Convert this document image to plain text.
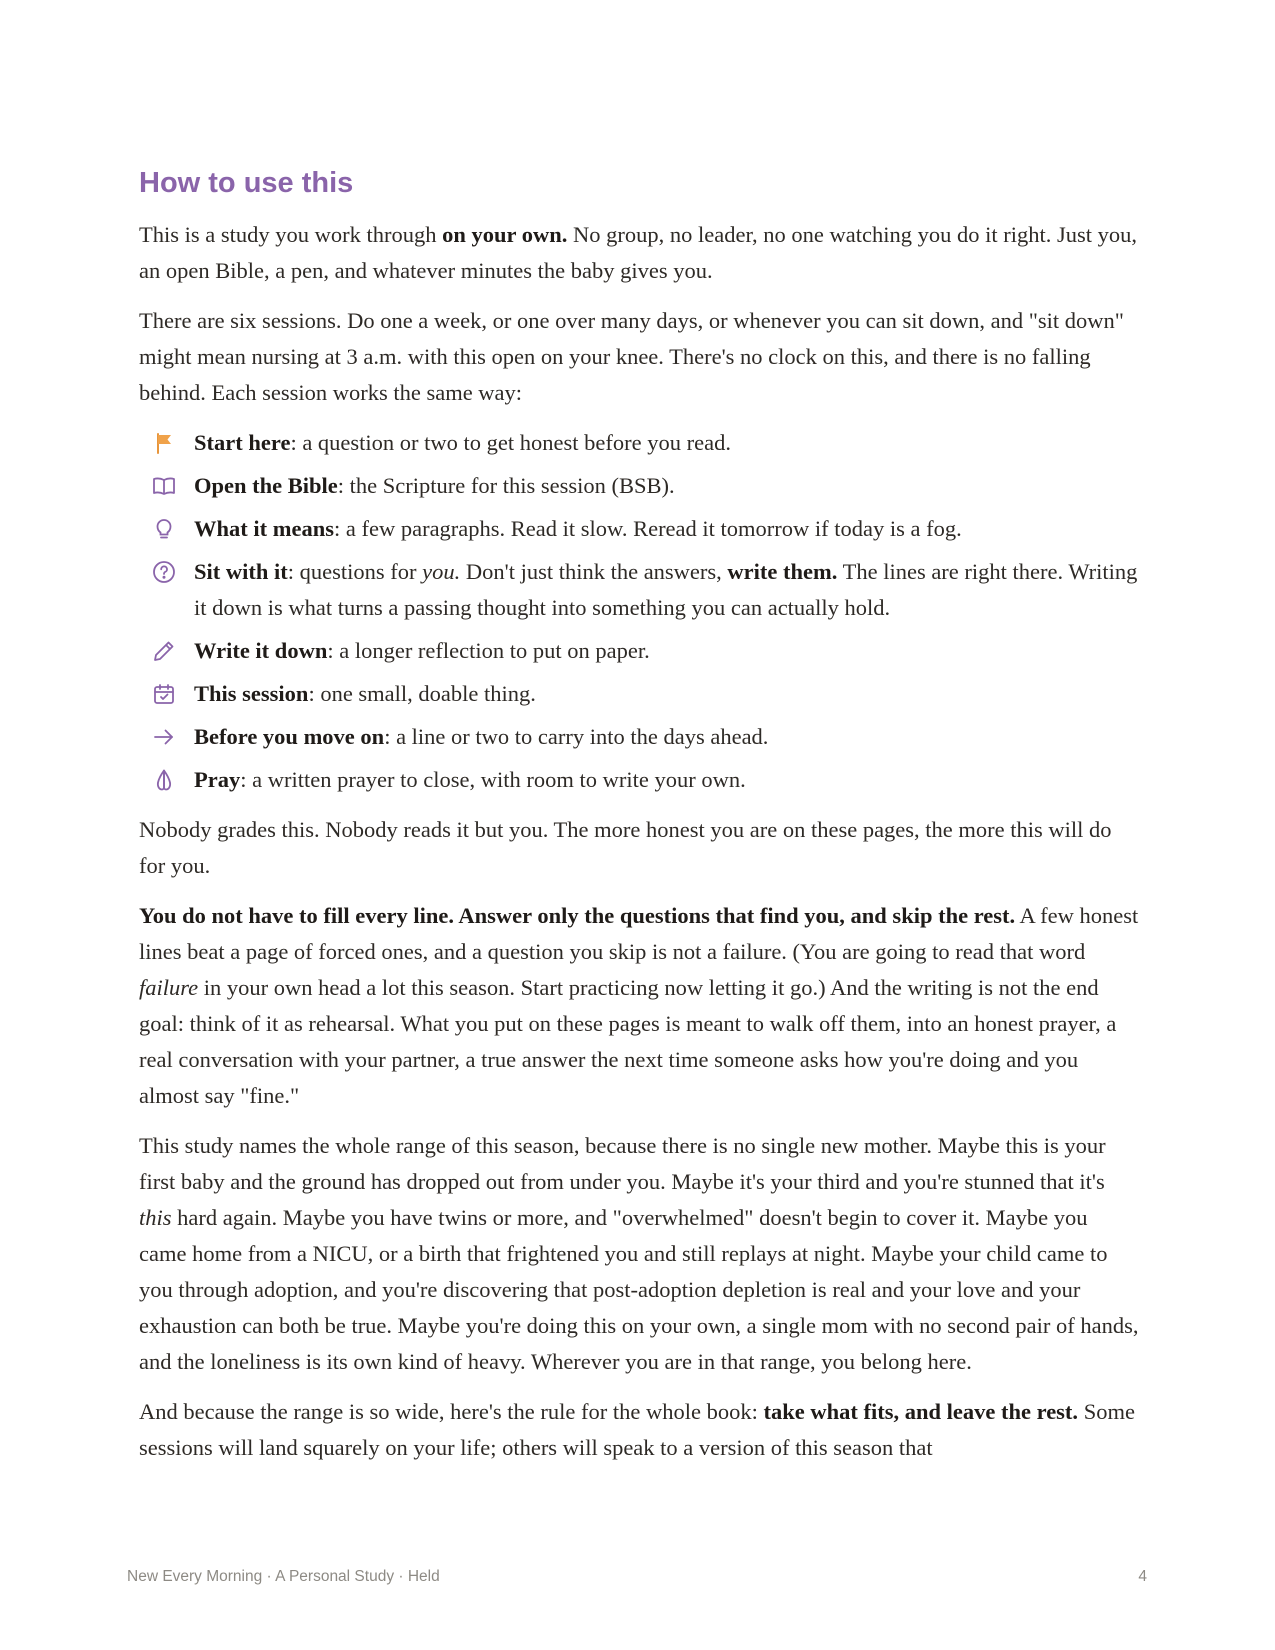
How to use this

This is a study you work through on your own. No group, no leader, no one watching you do it right. Just you, an open Bible, a pen, and whatever minutes the baby gives you.

There are six sessions. Do one a week, or one over many days, or whenever you can sit down, and "sit down" might mean nursing at 3 a.m. with this open on your knee. There's no clock on this, and there is no falling behind. Each session works the same way:

Start here: a question or two to get honest before you read.
Open the Bible: the Scripture for this session (BSB).
What it means: a few paragraphs. Read it slow. Reread it tomorrow if today is a fog.
Sit with it: questions for you. Don't just think the answers, write them. The lines are right there. Writing it down is what turns a passing thought into something you can actually hold.
Write it down: a longer reflection to put on paper.
This session: one small, doable thing.
Before you move on: a line or two to carry into the days ahead.
Pray: a written prayer to close, with room to write your own.

Nobody grades this. Nobody reads it but you. The more honest you are on these pages, the more this will do for you.

You do not have to fill every line. Answer only the questions that find you, and skip the rest. A few honest lines beat a page of forced ones, and a question you skip is not a failure. (You are going to read that word failure in your own head a lot this season. Start practicing now letting it go.) And the writing is not the end goal: think of it as rehearsal. What you put on these pages is meant to walk off them, into an honest prayer, a real conversation with your partner, a true answer the next time someone asks how you're doing and you almost say "fine."

This study names the whole range of this season, because there is no single new mother. Maybe this is your first baby and the ground has dropped out from under you. Maybe it's your third and you're stunned that it's this hard again. Maybe you have twins or more, and "overwhelmed" doesn't begin to cover it. Maybe you came home from a NICU, or a birth that frightened you and still replays at night. Maybe your child came to you through adoption, and you're discovering that post-adoption depletion is real and your love and your exhaustion can both be true. Maybe you're doing this on your own, a single mom with no second pair of hands, and the loneliness is its own kind of heavy. Wherever you are in that range, you belong here.

And because the range is so wide, here's the rule for the whole book: take what fits, and leave the rest. Some sessions will land squarely on your life; others will speak to a version of this season that

New Every Morning · A Personal Study · Held	4
